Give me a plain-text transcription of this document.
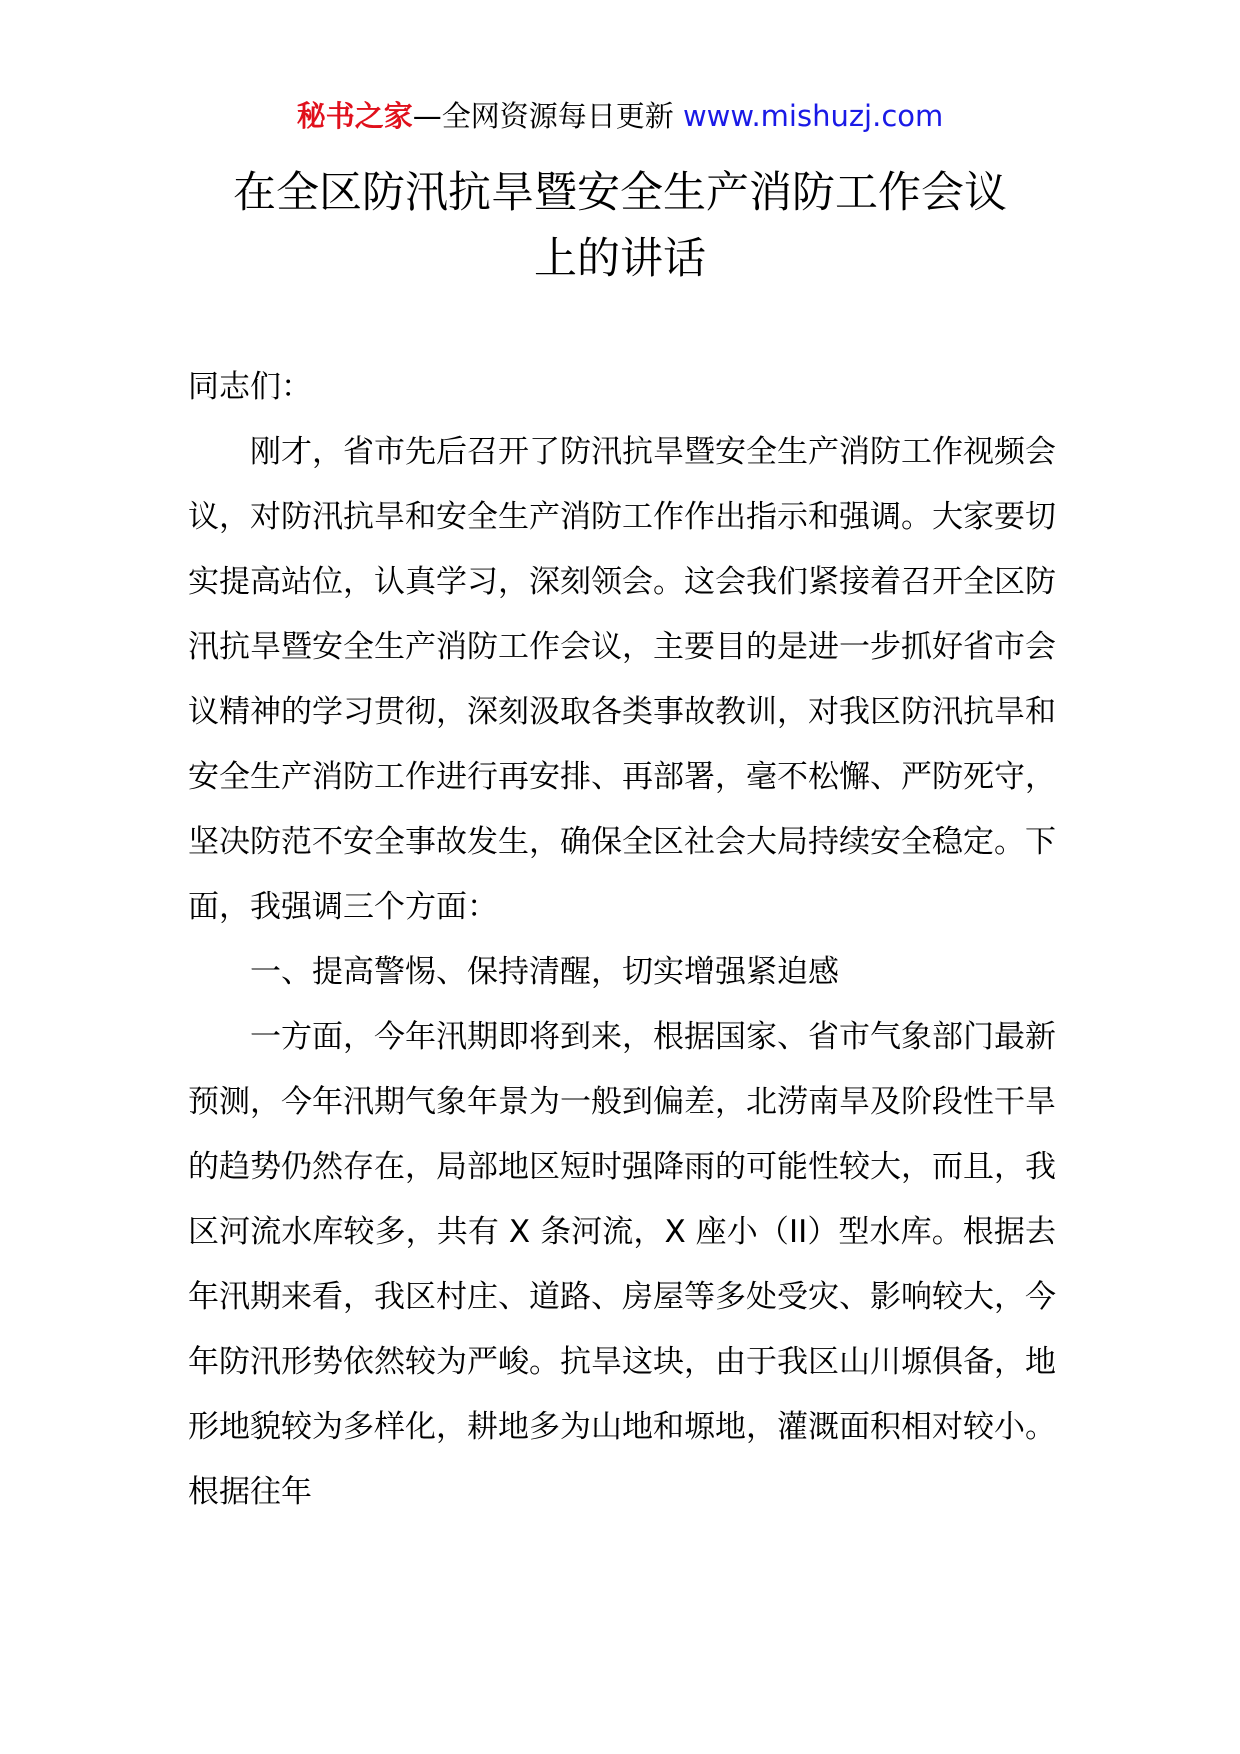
秘书之家—全网资源每日更新 www.mishuzj.com
在全区防汛抗旱暨安全生产消防工作会议
上的讲话

同志们：

刚才，省市先后召开了防汛抗旱暨安全生产消防工作视频会议，对防汛抗旱和安全生产消防工作作出指示和强调。大家要切实提高站位，认真学习，深刻领会。这会我们紧接着召开全区防汛抗旱暨安全生产消防工作会议，主要目的是进一步抓好省市会议精神的学习贯彻，深刻汲取各类事故教训，对我区防汛抗旱和安全生产消防工作进行再安排、再部署，毫不松懈、严防死守，坚决防范不安全事故发生，确保全区社会大局持续安全稳定。下面，我强调三个方面：

一、提高警惕、保持清醒，切实增强紧迫感

一方面，今年汛期即将到来，根据国家、省市气象部门最新预测，今年汛期气象年景为一般到偏差，北涝南旱及阶段性干旱的趋势仍然存在，局部地区短时强降雨的可能性较大，而且，我区河流水库较多，共有 X 条河流，X 座小（II）型水库。根据去年汛期来看，我区村庄、道路、房屋等多处受灾、影响较大，今年防汛形势依然较为严峻。抗旱这块，由于我区山川塬俱备，地形地貌较为多样化，耕地多为山地和塬地，灌溉面积相对较小。根据往年
